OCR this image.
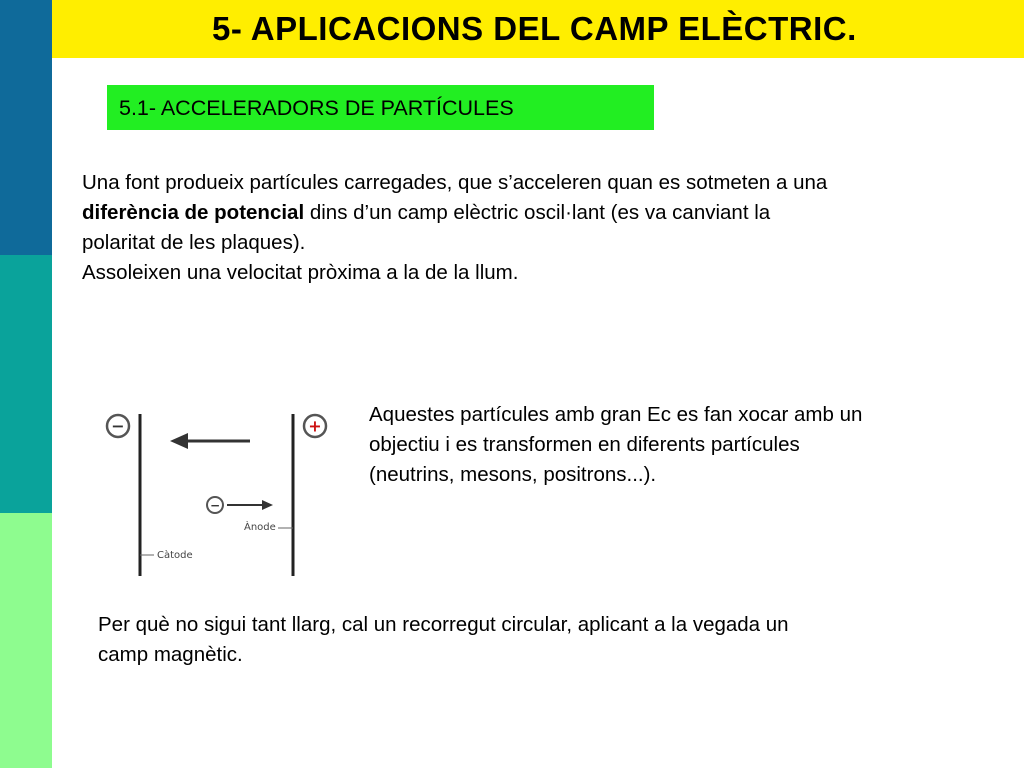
5- APLICACIONS DEL CAMP ELÈCTRIC.
5.1- ACCELERADORS DE PARTÍCULES
Una font produeix partícules carregades, que s’acceleren quan es sotmeten a una
diferència de potencial dins d’un camp elèctric oscil·lant (es va canviant la
polaritat de les plaques).
Assoleixen una velocitat pròxima a la de la llum.
−	+
−
Ànode
Càtode
Aquestes partícules amb gran Ec es fan xocar amb un
objectiu i es transformen en diferents partícules
(neutrins, mesons, positrons...).
Per què no sigui tant llarg, cal un recorregut circular, aplicant a la vegada un
camp magnètic.
